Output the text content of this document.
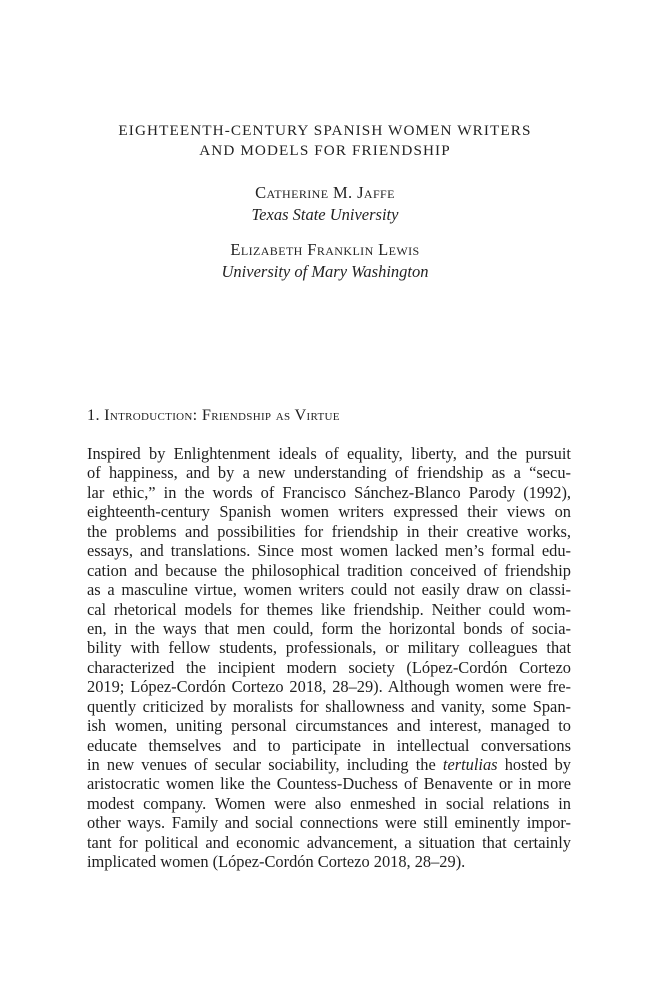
EIGHTEENTH-CENTURY SPANISH WOMEN WRITERS
AND MODELS FOR FRIENDSHIP
Catherine M. Jaffe
Texas State University
Elizabeth Franklin Lewis
University of Mary Washington
1. Introduction: Friendship as Virtue
Inspired by Enlightenment ideals of equality, liberty, and the pursuit
of happiness, and by a new understanding of friendship as a “secu-
lar ethic,” in the words of Francisco Sánchez-Blanco Parody (1992),
eighteenth-century Spanish women writers expressed their views on
the problems and possibilities for friendship in their creative works,
essays, and translations. Since most women lacked men’s formal edu-
cation and because the philosophical tradition conceived of friendship
as a masculine virtue, women writers could not easily draw on classi-
cal rhetorical models for themes like friendship. Neither could wom-
en, in the ways that men could, form the horizontal bonds of socia-
bility with fellow students, professionals, or military colleagues that
characterized the incipient modern society (López-Cordón Cortezo
2019; López-Cordón Cortezo 2018, 28–29). Although women were fre-
quently criticized by moralists for shallowness and vanity, some Span-
ish women, uniting personal circumstances and interest, managed to
educate themselves and to participate in intellectual conversations
in new venues of secular sociability, including the tertulias hosted by
aristocratic women like the Countess-Duchess of Benavente or in more
modest company. Women were also enmeshed in social relations in
other ways. Family and social connections were still eminently impor-
tant for political and economic advancement, a situation that certainly
implicated women (López-Cordón Cortezo 2018, 28–29).
